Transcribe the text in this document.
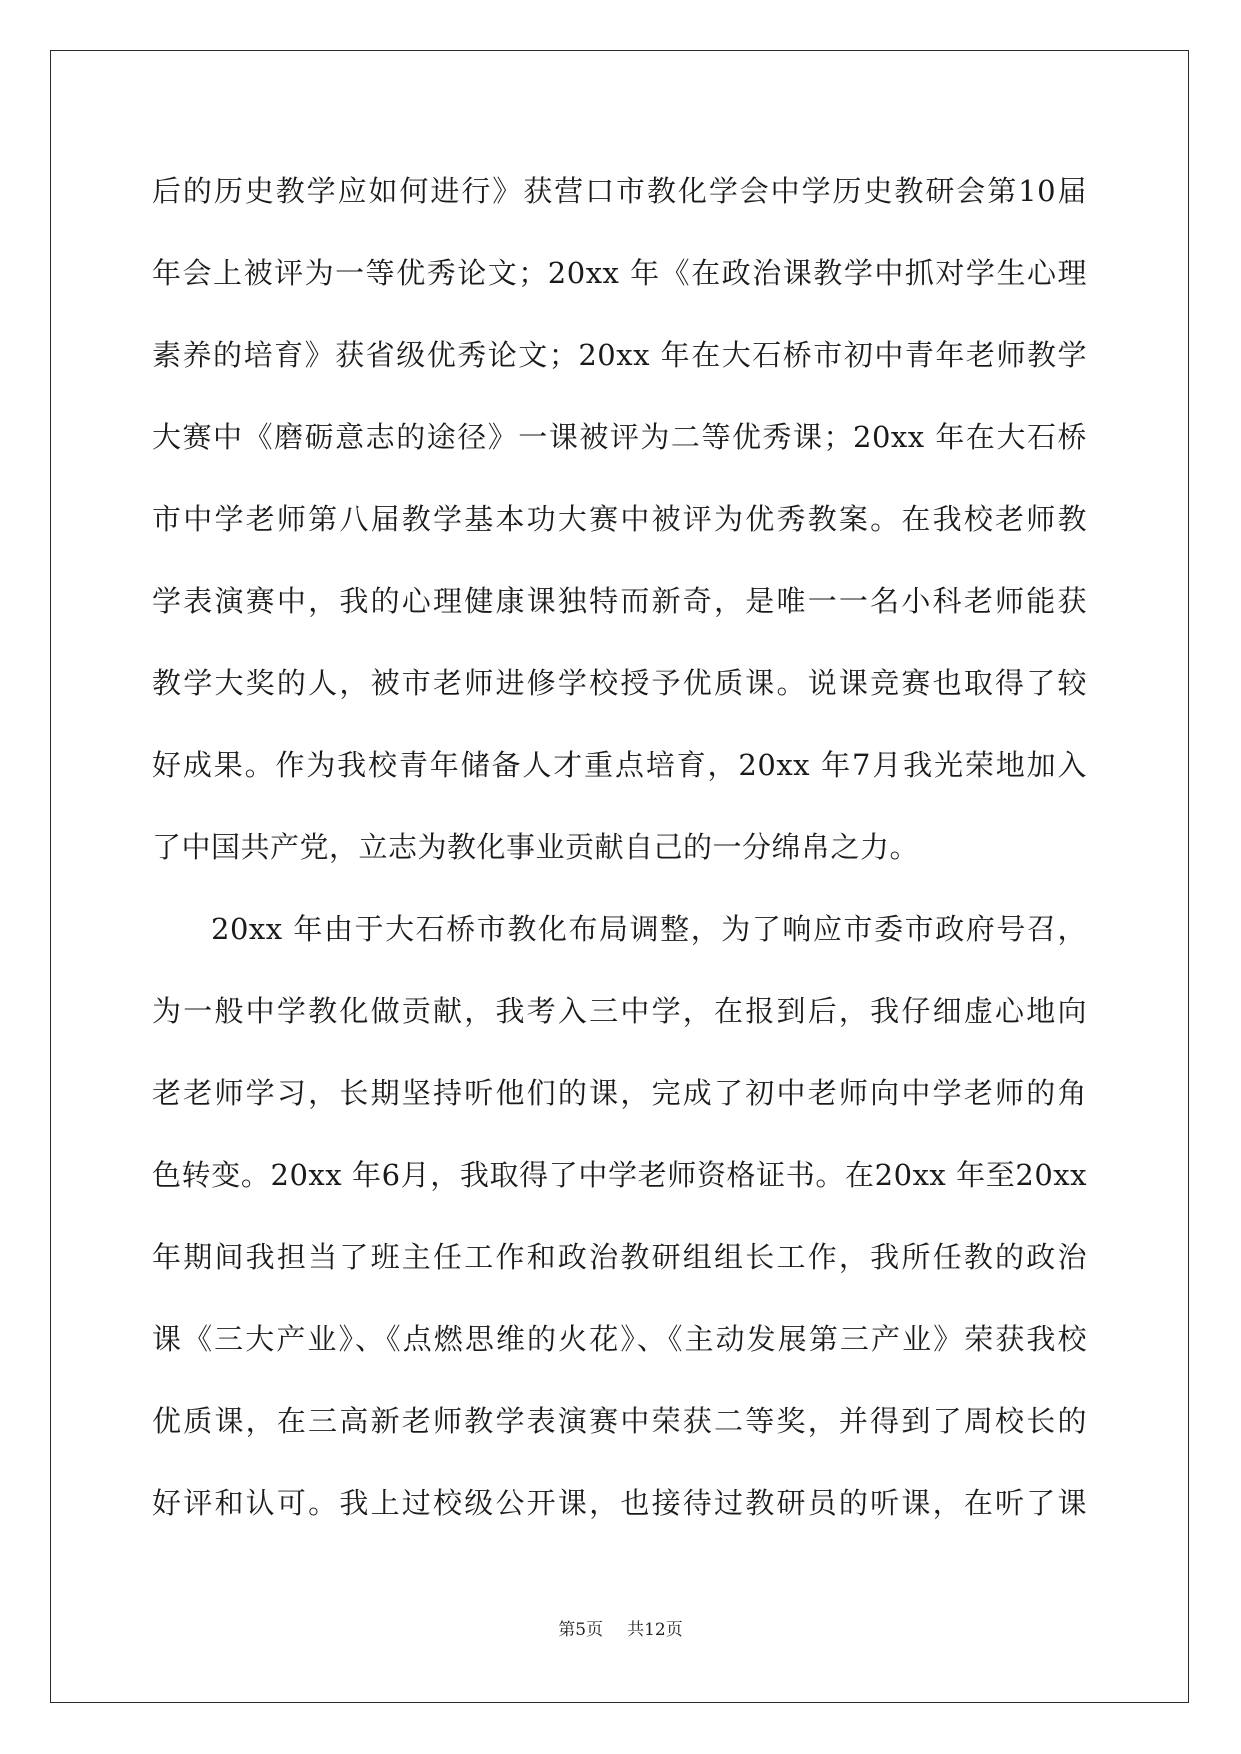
后的历史教学应如何进行》获营口市教化学会中学历史教研会第10届
年会上被评为一等优秀论文；20xx 年《在政治课教学中抓对学生心理
素养的培育》获省级优秀论文；20xx 年在大石桥市初中青年老师教学
大赛中《磨砺意志的途径》一课被评为二等优秀课；20xx 年在大石桥
市中学老师第八届教学基本功大赛中被评为优秀教案。在我校老师教
学表演赛中，我的心理健康课独特而新奇，是唯一一名小科老师能获
教学大奖的人，被市老师进修学校授予优质课。说课竞赛也取得了较
好成果。作为我校青年储备人才重点培育，20xx 年7月我光荣地加入
了中国共产党，立志为教化事业贡献自己的一分绵帛之力。
20xx 年由于大石桥市教化布局调整，为了响应市委市政府号召，
为一般中学教化做贡献，我考入三中学，在报到后，我仔细虚心地向
老老师学习，长期坚持听他们的课，完成了初中老师向中学老师的角
色转变。20xx 年6月，我取得了中学老师资格证书。在20xx 年至20xx
年期间我担当了班主任工作和政治教研组组长工作，我所任教的政治
课《三大产业》、《点燃思维的火花》、《主动发展第三产业》荣获我校
优质课，在三高新老师教学表演赛中荣获二等奖，并得到了周校长的
好评和认可。我上过校级公开课，也接待过教研员的听课，在听了课
第5页 共12页
